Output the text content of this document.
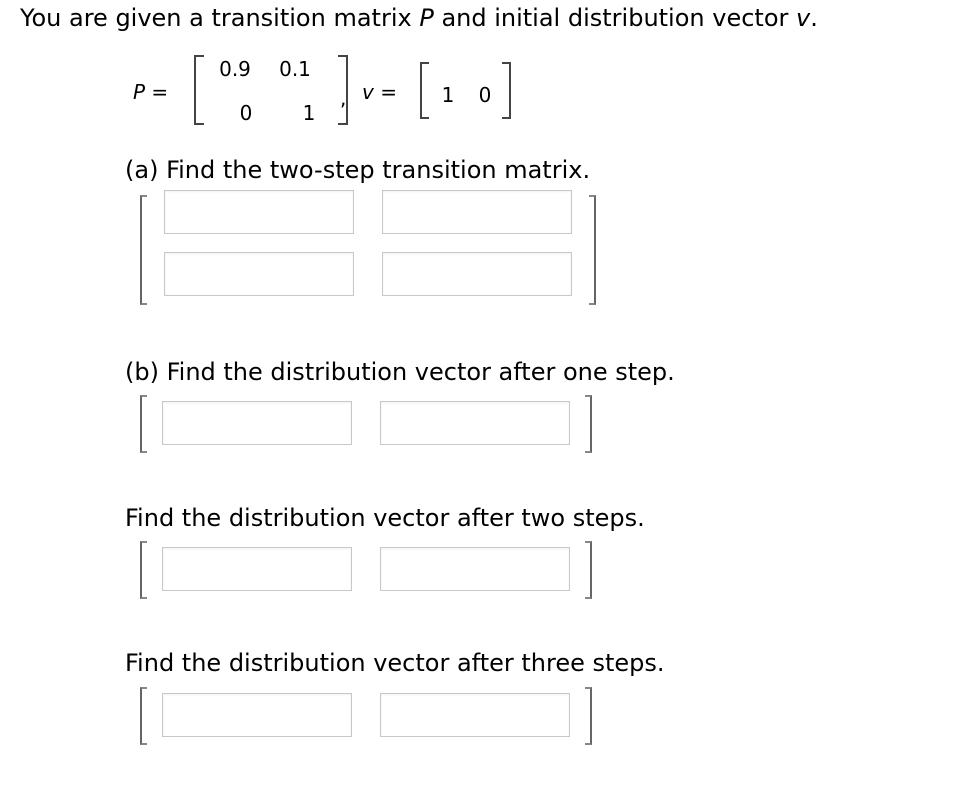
You are given a transition matrix P and initial distribution vector v.
P =
0.9	0.1
0	1
, v =	1	0
(a) Find the two-step transition matrix.
(b) Find the distribution vector after one step.
Find the distribution vector after two steps.
Find the distribution vector after three steps.
